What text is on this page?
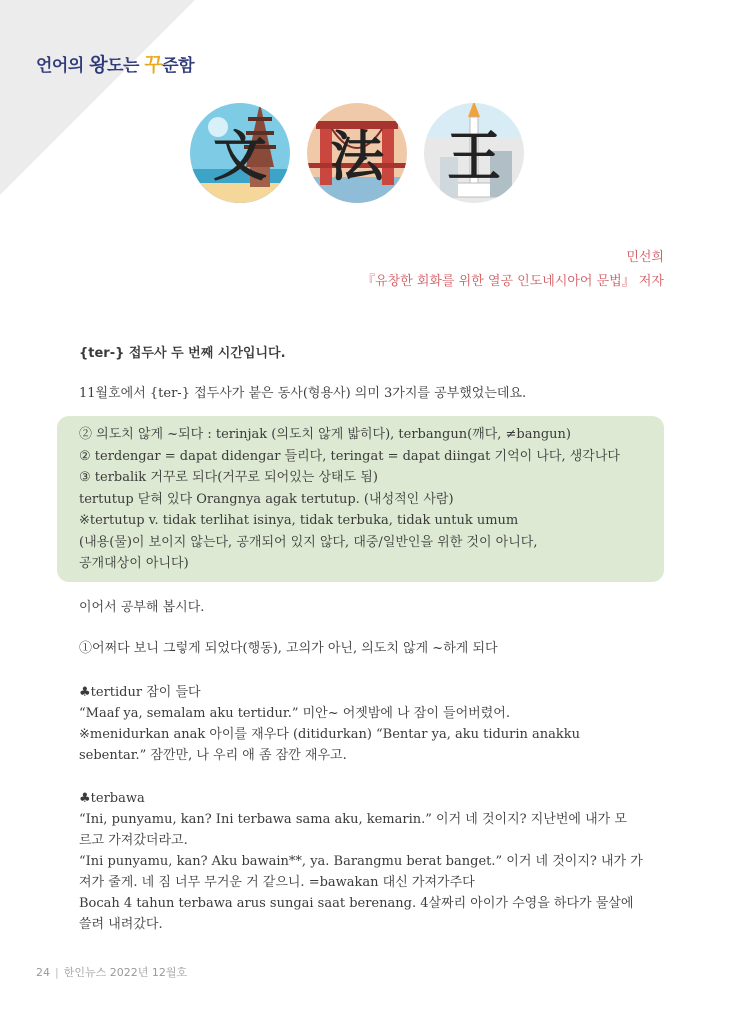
언어의 왕도는 꾸준함
文 法 王
민선희
『유창한 회화를 위한 열공 인도네시아어 문법』 저자
{ter-} 접두사 두 번째 시간입니다.
11월호에서 {ter-} 접두사가 붙은 동사(형용사) 의미 3가지를 공부했었는데요.
② 의도치 않게 ~되다 : terinjak (의도치 않게 밟히다), terbangun(깨다, ≠bangun)
② terdengar = dapat didengar 들리다, teringat = dapat diingat 기억이 나다, 생각나다
③ terbalik 거꾸로 되다(거꾸로 되어있는 상태도 됨)
tertutup 닫혀 있다 Orangnya agak tertutup. (내성적인 사람)
※tertutup v. tidak terlihat isinya, tidak terbuka, tidak untuk umum
(내용(물)이 보이지 않는다, 공개되어 있지 않다, 대중/일반인을 위한 것이 아니다,
공개대상이 아니다)
이어서 공부해 봅시다.
①어쩌다 보니 그렇게 되었다(행동), 고의가 아닌, 의도치 않게 ~하게 되다
♣tertidur 잠이 들다
“Maaf ya, semalam aku tertidur.” 미안~ 어젯밤에 나 잠이 들어버렸어.
※menidurkan anak 아이를 재우다 (ditidurkan) “Bentar ya, aku tidurin anakku
sebentar.” 잠깐만, 나 우리 애 좀 잠깐 재우고.
♣terbawa
“Ini, punyamu, kan? Ini terbawa sama aku, kemarin.” 이거 네 것이지? 지난번에 내가 모
르고 가져갔더라고.
“Ini punyamu, kan? Aku bawain**, ya. Barangmu berat banget.” 이거 네 것이지? 내가 가
져가 줄게. 네 짐 너무 무거운 거 같으니. =bawakan 대신 가져가주다
Bocah 4 tahun terbawa arus sungai saat berenang. 4살짜리 아이가 수영을 하다가 물살에
쓸려 내려갔다.
24 | 한인뉴스 2022년 12월호
